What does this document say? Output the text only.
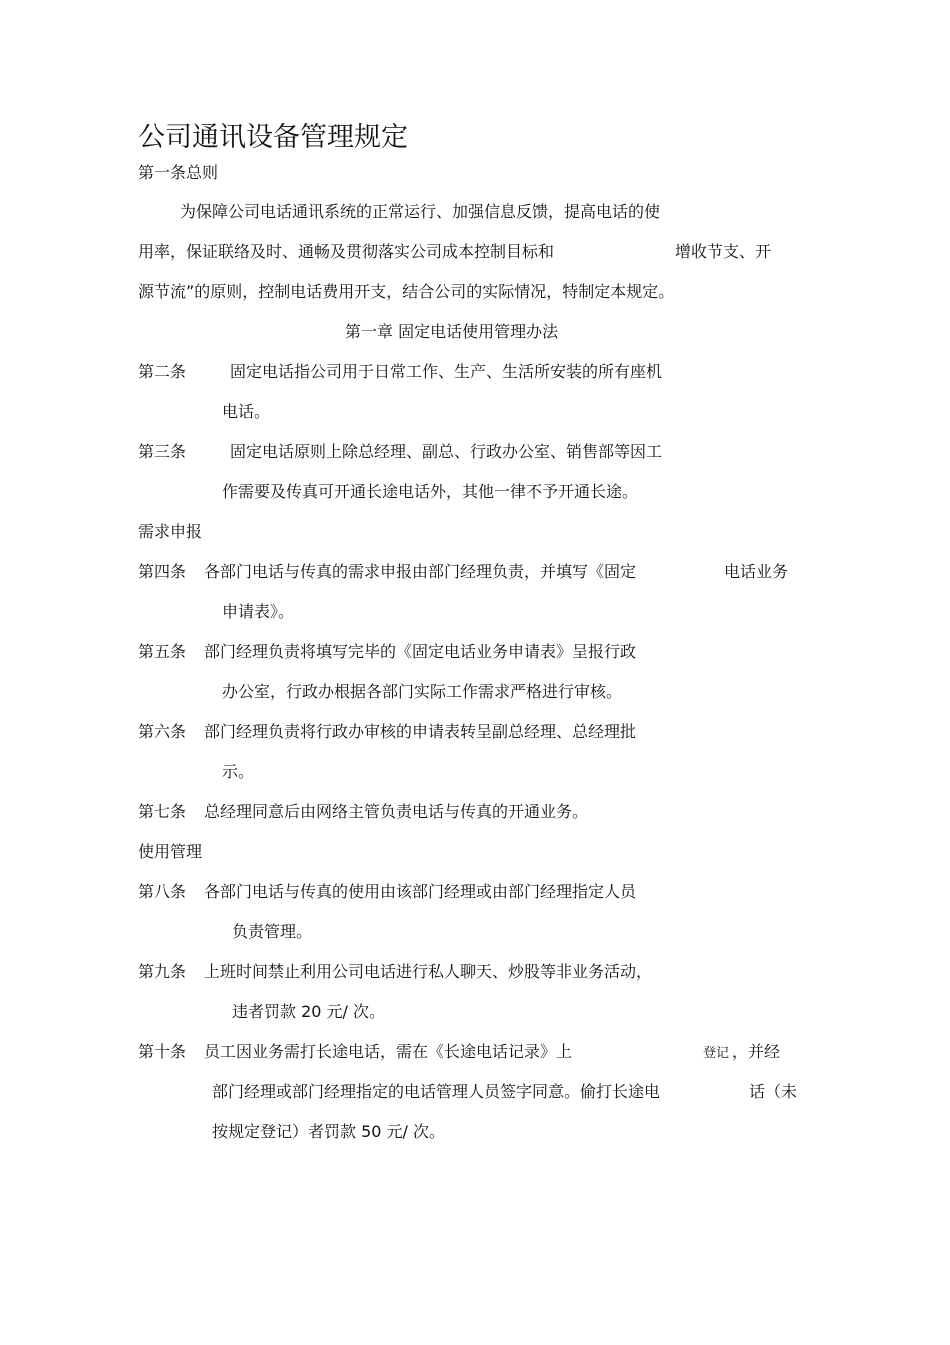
公司通讯设备管理规定
第一条总则
为保障公司电话通讯系统的正常运行、加强信息反馈，提高电话的使
用率，保证联络及时、通畅及贯彻落实公司成本控制目标和	增收节支、开
源节流”的原则，控制电话费用开支，结合公司的实际情况，特制定本规定。
第一章 固定电话使用管理办法
第二条	固定电话指公司用于日常工作、生产、生活所安装的所有座机
电话。
第三条	固定电话原则上除总经理、副总、行政办公室、销售部等因工
作需要及传真可开通长途电话外，其他一律不予开通长途。
需求申报
第四条 各部门电话与传真的需求申报由部门经理负责，并填写《固定	电话业务
申请表》。
第五条 部门经理负责将填写完毕的《固定电话业务申请表》呈报行政
办公室，行政办根据各部门实际工作需求严格进行审核。
第六条 部门经理负责将行政办审核的申请表转呈副总经理、总经理批
示。
第七条 总经理同意后由网络主管负责电话与传真的开通业务。
使用管理
第八条 各部门电话与传真的使用由该部门经理或由部门经理指定人员
负责管理。
第九条 上班时间禁止利用公司电话进行私人聊天、炒股等非业务活动，
违者罚款 20 元/ 次。
第十条 员工因业务需打长途电话，需在《长途电话记录》上	登记 ，并经
部门经理或部门经理指定的电话管理人员签字同意。偷打长途电	话（未
按规定登记）者罚款 50 元/ 次。
